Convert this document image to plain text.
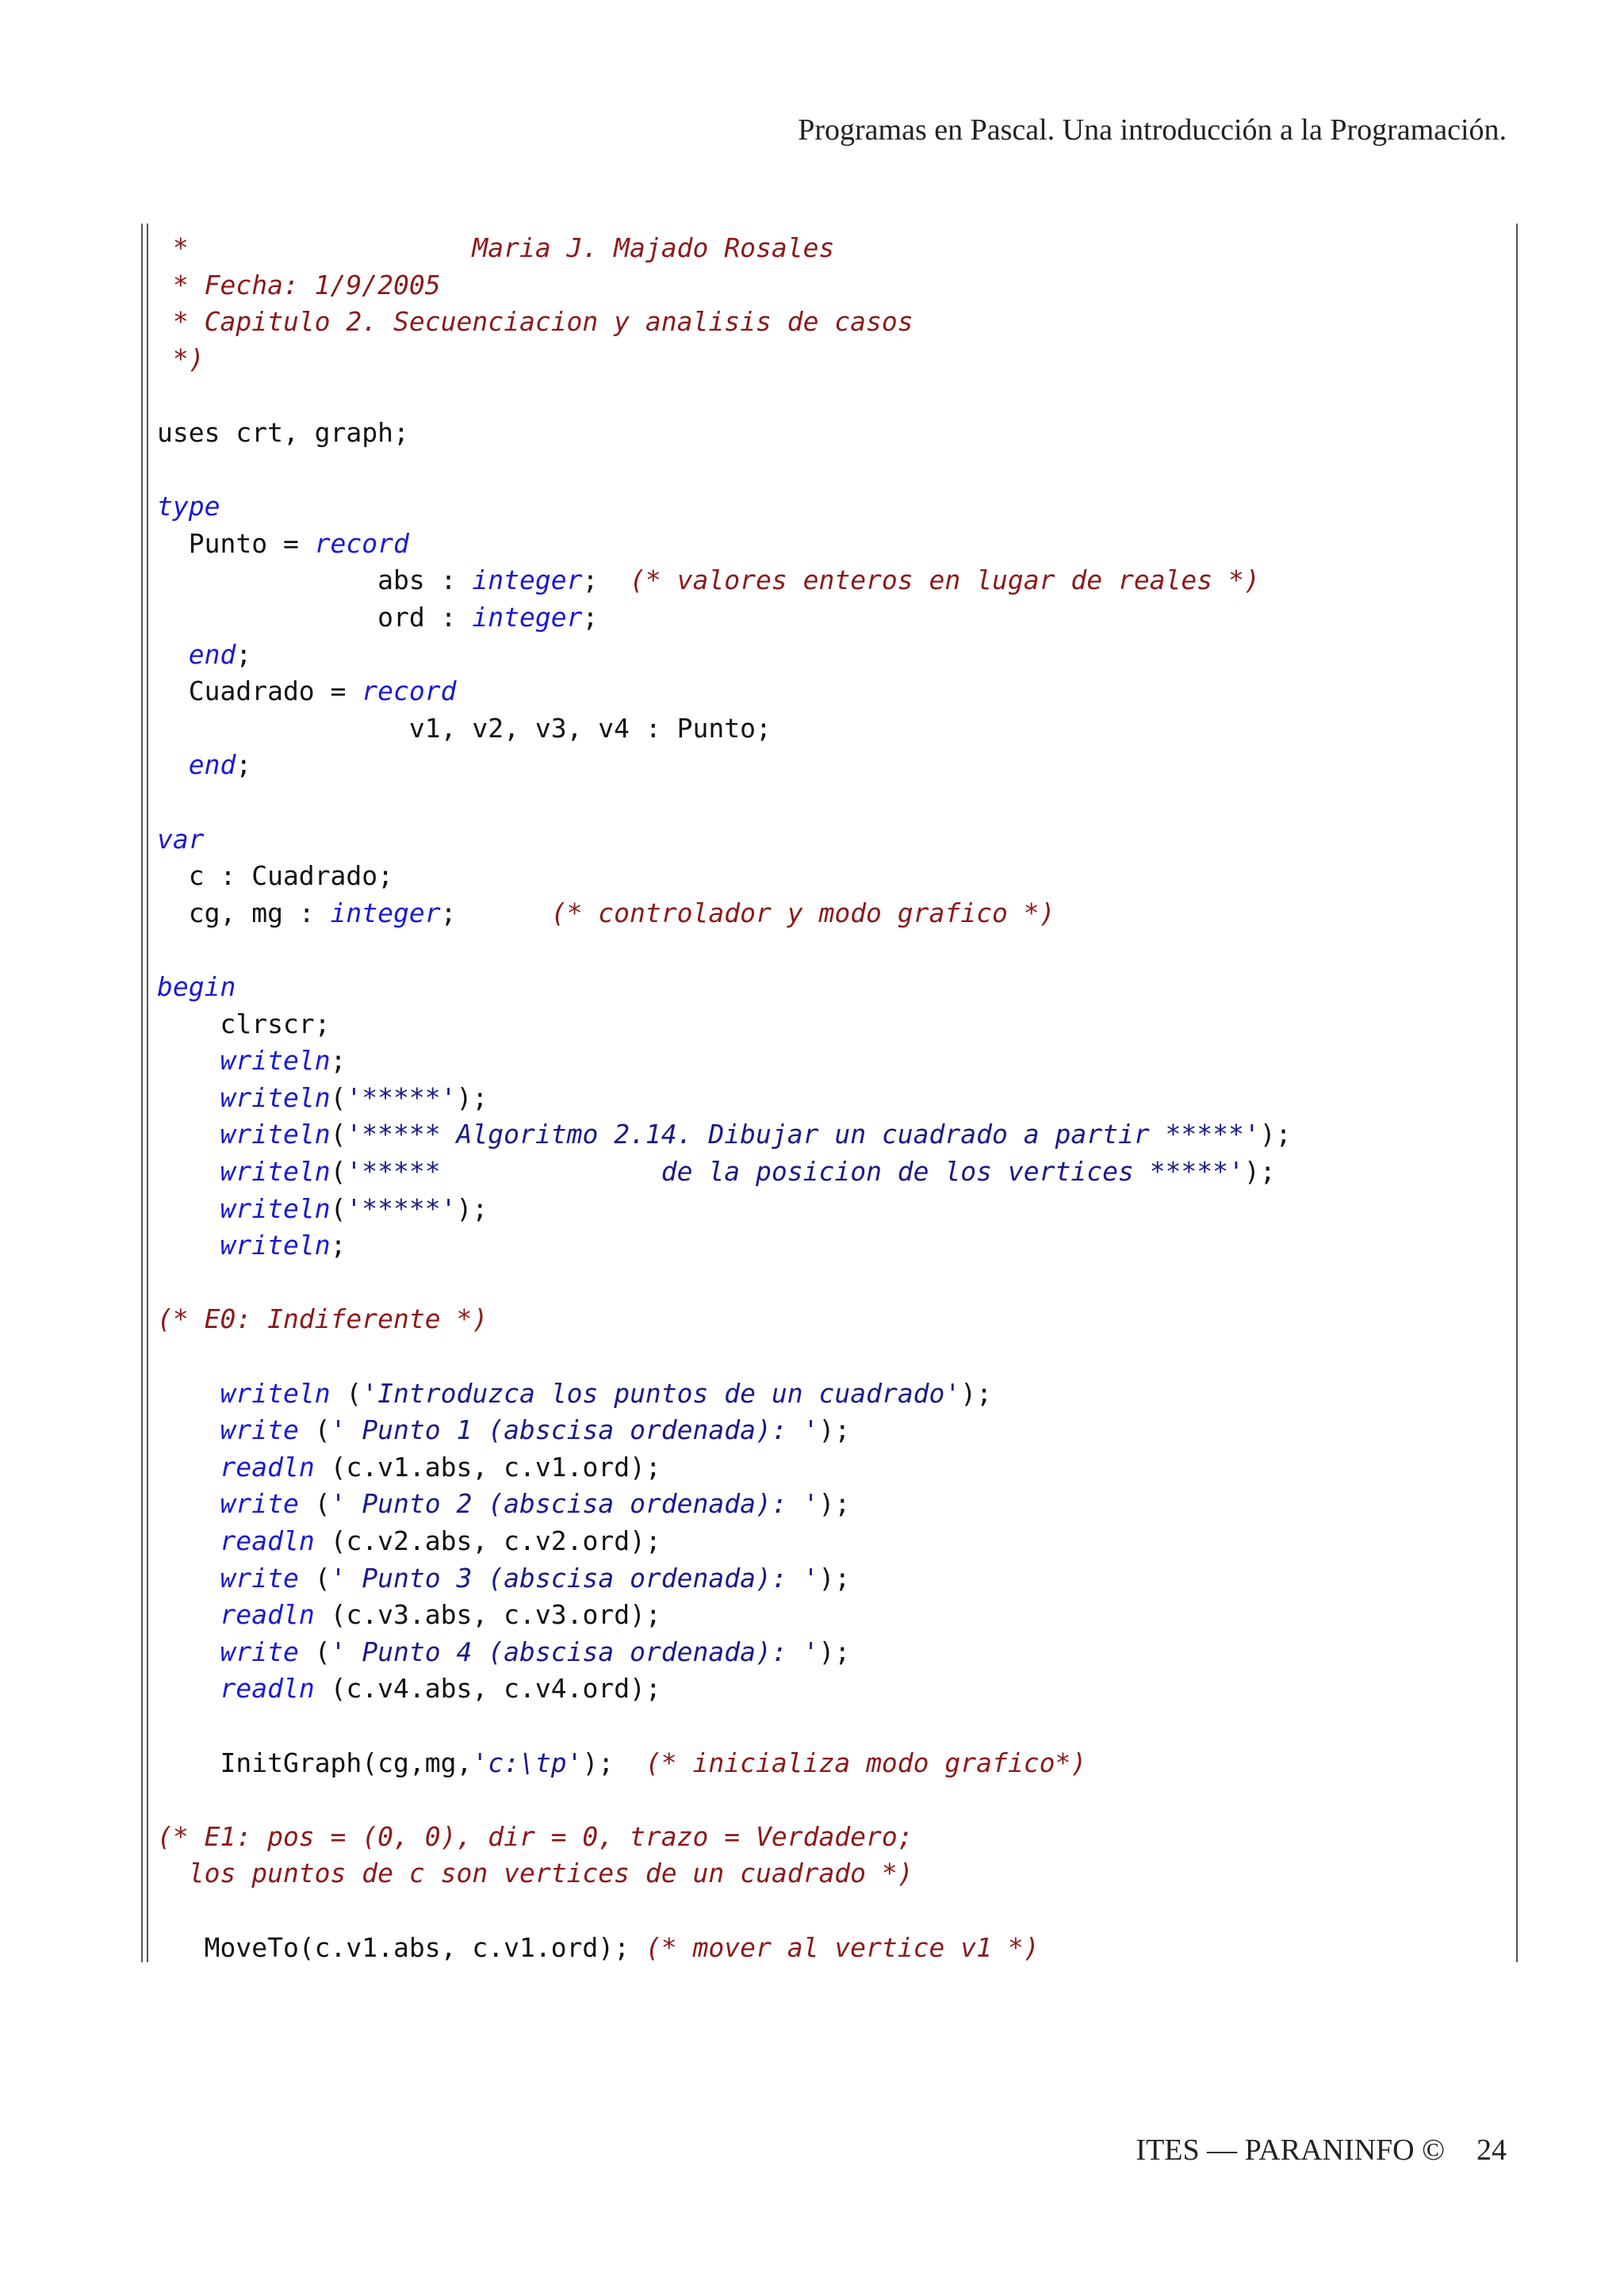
Programas en Pascal. Una introducción a la Programación.
*                  Maria J. Majado Rosales
* Fecha: 1/9/2005
* Capitulo 2. Secuenciacion y analisis de casos
*)
uses crt, graph;
type
Punto = record
abs : integer;  (* valores enteros en lugar de reales *)
ord : integer;
end;
Cuadrado = record
v1, v2, v3, v4 : Punto;
end;
var
c : Cuadrado;
cg, mg : integer;      (* controlador y modo grafico *)
begin
clrscr;
writeln;
writeln('*****');
writeln('***** Algoritmo 2.14. Dibujar un cuadrado a partir *****');
writeln('*****              de la posicion de los vertices *****');
writeln('*****');
writeln;
(* E0: Indiferente *)
writeln ('Introduzca los puntos de un cuadrado');
write (' Punto 1 (abscisa ordenada): ');
readln (c.v1.abs, c.v1.ord);
write (' Punto 2 (abscisa ordenada): ');
readln (c.v2.abs, c.v2.ord);
write (' Punto 3 (abscisa ordenada): ');
readln (c.v3.abs, c.v3.ord);
write (' Punto 4 (abscisa ordenada): ');
readln (c.v4.abs, c.v4.ord);
InitGraph(cg,mg,'c:\tp');  (* inicializa modo grafico*)
(* E1: pos = (0, 0), dir = 0, trazo = Verdadero;
los puntos de c son vertices de un cuadrado *)
MoveTo(c.v1.abs, c.v1.ord); (* mover al vertice v1 *)
ITES — PARANINFO © 24
